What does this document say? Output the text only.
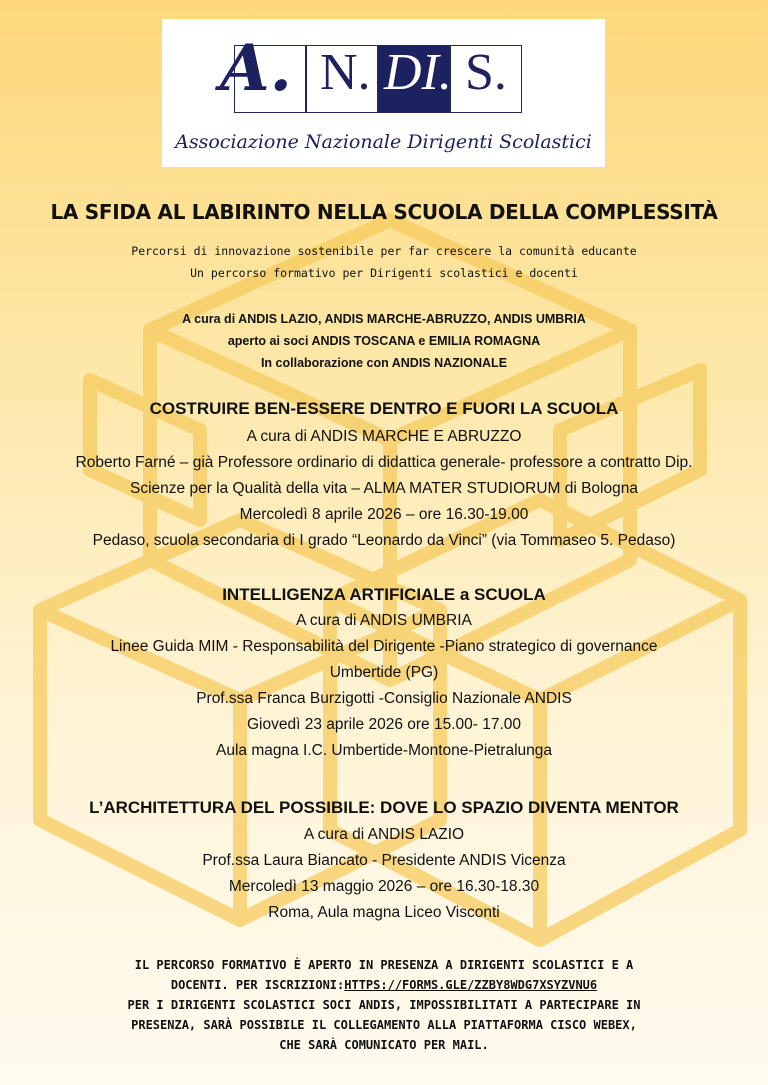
A. N. DI. S.
Associazione Nazionale Dirigenti Scolastici
LA SFIDA AL LABIRINTO NELLA SCUOLA DELLA COMPLESSITÀ
Percorsi di innovazione sostenibile per far crescere la comunità educante
Un percorso formativo per Dirigenti scolastici e docenti
A cura di ANDIS LAZIO, ANDIS MARCHE-ABRUZZO, ANDIS UMBRIA
aperto ai soci ANDIS TOSCANA e EMILIA ROMAGNA
In collaborazione con ANDIS NAZIONALE
COSTRUIRE BEN-ESSERE DENTRO E FUORI LA SCUOLA
A cura di ANDIS MARCHE E ABRUZZO
Roberto Farné – già Professore ordinario di didattica generale- professore a contratto Dip.
Scienze per la Qualità della vita – ALMA MATER STUDIORUM di Bologna
Mercoledì 8 aprile 2026 – ore 16.30-19.00
Pedaso, scuola secondaria di I grado “Leonardo da Vinci” (via Tommaseo 5. Pedaso)
INTELLIGENZA ARTIFICIALE a SCUOLA
A cura di ANDIS UMBRIA
Linee Guida MIM - Responsabilità del Dirigente -Piano strategico di governance
Umbertide (PG)
Prof.ssa Franca Burzigotti -Consiglio Nazionale ANDIS
Giovedì 23 aprile 2026 ore 15.00- 17.00
Aula magna I.C. Umbertide-Montone-Pietralunga
L’ARCHITETTURA DEL POSSIBILE: DOVE LO SPAZIO DIVENTA MENTOR
A cura di ANDIS LAZIO
Prof.ssa Laura Biancato - Presidente ANDIS Vicenza
Mercoledì 13 maggio 2026 – ore 16.30-18.30
Roma, Aula magna Liceo Visconti
IL PERCORSO FORMATIVO È APERTO IN PRESENZA A DIRIGENTI SCOLASTICI E A
DOCENTI. PER ISCRIZIONI:HTTPS://FORMS.GLE/ZZBY8WDG7XSYZVNU6
PER I DIRIGENTI SCOLASTICI SOCI ANDIS, IMPOSSIBILITATI A PARTECIPARE IN
PRESENZA, SARÀ POSSIBILE IL COLLEGAMENTO ALLA PIATTAFORMA CISCO WEBEX,
CHE SARÀ COMUNICATO PER MAIL.
